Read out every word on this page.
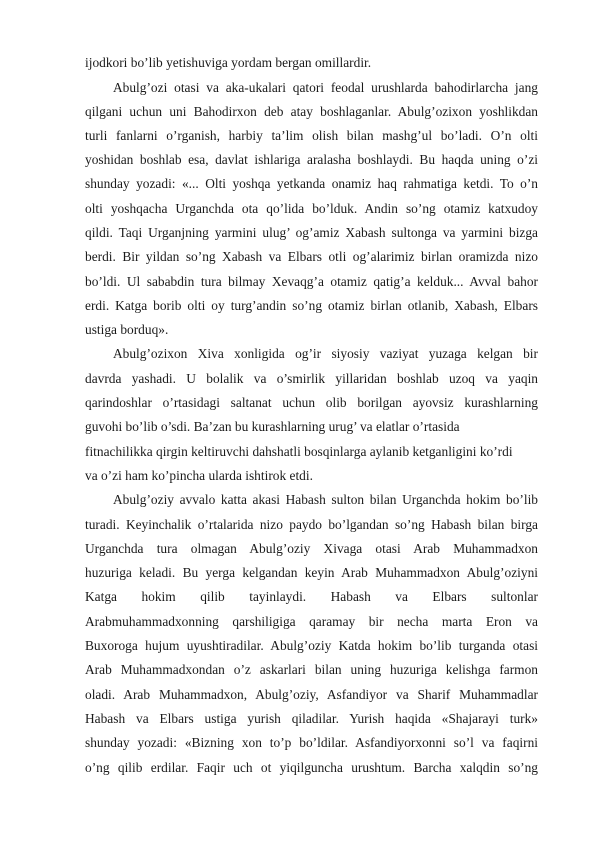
ijodkori bo’lib yetishuviga yordam bergan omillardir.
Abulg’ozi otasi va aka-ukalari qatori feodal urushlarda bahodirlarcha jang
qilgani uchun uni Bahodirxon deb atay boshlaganlar. Abulg’ozixon yoshlikdan
turli fanlarni o’rganish, harbiy ta’lim olish bilan mashg’ul bo’ladi. O’n olti
yoshidan boshlab esa, davlat ishlariga aralasha boshlaydi. Bu haqda uning o’zi
shunday yozadi: «... Olti yoshqa yetkanda onamiz haq rahmatiga ketdi. To o’n
olti yoshqacha Urganchda ota qo’lida bo’lduk. Andin so’ng otamiz katxudoy
qildi. Taqi Urganjning yarmini ulug’ og’amiz Xabash sultonga va yarmini bizga
berdi. Bir yildan so’ng Xabash va Elbars otli og’alarimiz birlan oramizda nizo
bo’ldi. Ul sababdin tura bilmay Xevaqg’a otamiz qatig’a kelduk... Avval bahor
erdi. Katga borib olti oy turg’andin so’ng otamiz birlan otlanib, Xabash, Elbars
ustiga borduq».
Abulg’ozixon Xiva xonligida og’ir siyosiy vaziyat yuzaga kelgan bir
davrda yashadi. U bolalik va o’smirlik yillaridan boshlab uzoq va yaqin
qarindoshlar o’rtasidagi saltanat uchun olib borilgan ayovsiz kurashlarning
guvohi bo’lib o’sdi. Ba’zan bu kurashlarning urug’ va elatlar o’rtasida
fitnachilikka qirgin keltiruvchi dahshatli bosqinlarga aylanib ketganligini ko’rdi
va o’zi ham ko’pincha ularda ishtirok etdi.
Abulg’oziy avvalo katta akasi Habash sulton bilan Urganchda hokim bo’lib
turadi. Keyinchalik o’rtalarida nizo paydo bo’lgandan so’ng Habash bilan birga
Urganchda tura olmagan Abulg’oziy Xivaga otasi Arab Muhammadxon
huzuriga keladi. Bu yerga kelgandan keyin Arab Muhammadxon Abulg’oziyni
Katga hokim qilib tayinlaydi. Habash va Elbars sultonlar
Arabmuhammadxonning qarshiligiga qaramay bir necha marta Eron va
Buxoroga hujum uyushtiradilar. Abulg’oziy Katda hokim bo’lib turganda otasi
Arab Muhammadxondan o’z askarlari bilan uning huzuriga kelishga farmon
oladi. Arab Muhammadxon, Abulg’oziy, Asfandiyor va Sharif Muhammadlar
Habash va Elbars ustiga yurish qiladilar. Yurish haqida «Shajarayi turk»
shunday yozadi: «Bizning xon to’p bo’ldilar. Asfandiyorxonni so’l va faqirni
o’ng qilib erdilar. Faqir uch ot yiqilguncha urushtum. Barcha xalqdin so’ng
